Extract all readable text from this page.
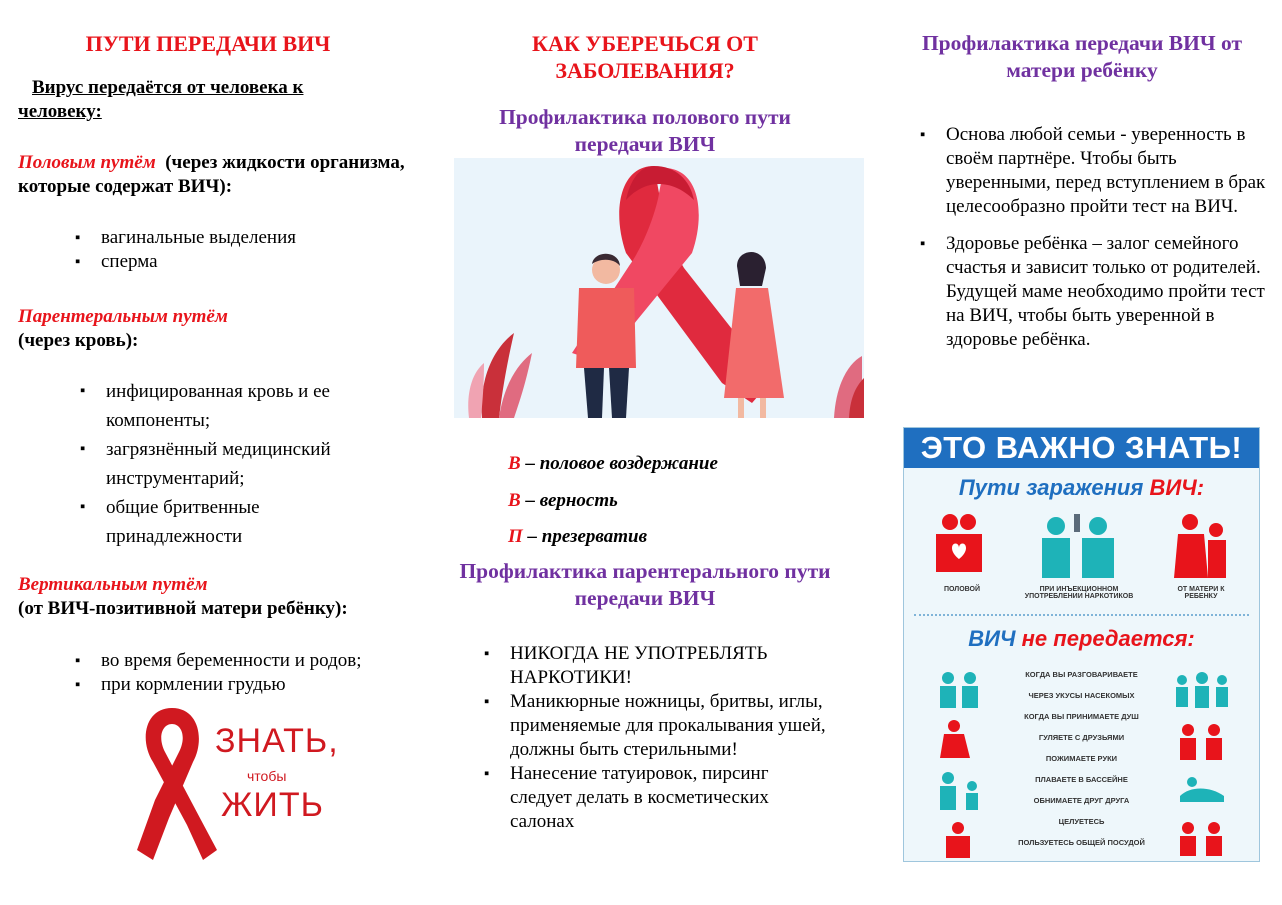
ПУТИ ПЕРЕДАЧИ ВИЧ
Вирус передаётся от человека к человеку:
Половым путём (через жидкости организма, которые содержат ВИЧ):
▪ вагинальные выделения
▪ сперма
Парентеральным путём
(через кровь):
▪ инфицированная кровь и ее компоненты;
▪ загрязнённый медицинский инструментарий;
▪ общие бритвенные принадлежности
Вертикальным путём
(от ВИЧ-позитивной матери ребёнку):
▪ во время беременности и родов;
▪ при кормлении грудью
ЗНАТЬ,
чтобы
ЖИТЬ
КАК УБЕРЕЧЬСЯ ОТ ЗАБОЛЕВАНИЯ?
Профилактика полового пути передачи ВИЧ
В – половое воздержание
В – верность
П – презерватив
Профилактика парентерального пути передачи ВИЧ
▪ НИКОГДА НЕ УПОТРЕБЛЯТЬ НАРКОТИКИ!
▪ Маникюрные ножницы, бритвы, иглы, применяемые для прокалывания ушей, должны быть стерильными!
▪ Нанесение татуировок, пирсинг следует делать в косметических салонах
Профилактика передачи ВИЧ от матери ребёнку
▪ Основа любой семьи - уверенность в своём партнёре. Чтобы быть уверенными, перед вступлением в брак целесообразно пройти тест на ВИЧ.
▪ Здоровье ребёнка – залог семейного счастья и зависит только от родителей. Будущей маме необходимо пройти тест на ВИЧ, чтобы быть уверенной в здоровье ребёнка.
ЭТО ВАЖНО ЗНАТЬ!
Пути заражения ВИЧ:
ПОЛОВОЙ	ПРИ ИНЪЕКЦИОННОМ УПОТРЕБЛЕНИИ НАРКОТИКОВ
ОТ МАТЕРИ К РЕБЕНКУ
ВИЧ не передается:
КОГДА ВЫ РАЗГОВАРИВАЕТЕ
ЧЕРЕЗ УКУСЫ НАСЕКОМЫХ
КОГДА ВЫ ПРИНИМАЕТЕ ДУШ
ГУЛЯЕТЕ С ДРУЗЬЯМИ
ПОЖИМАЕТЕ РУКИ
ПЛАВАЕТЕ В БАССЕЙНЕ
ОБНИМАЕТЕ ДРУГ ДРУГА
ЦЕЛУЕТЕСЬ
ПОЛЬЗУЕТЕСЬ ОБЩЕЙ ПОСУДОЙ
